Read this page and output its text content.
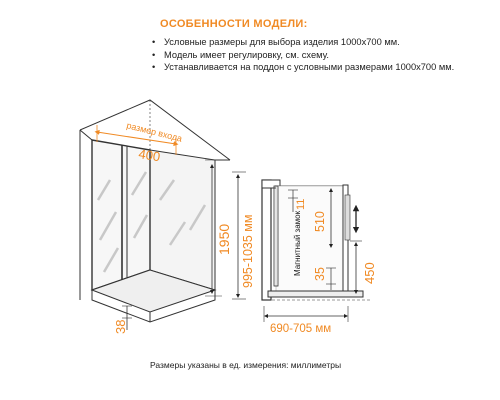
ОСОБЕННОСТИ МОДЕЛИ:
• Условные размеры для выбора изделия 1000х700 мм.
• Модель имеет регулировку, см. схему.
• Устанавливается на поддон с условными размерами 1000х700 мм.
размер входа
400
1950
38
995-1035 мм
11
Магнитный замок 510
35	450
690-705 мм

Размеры указаны в ед. измерения: миллиметры
